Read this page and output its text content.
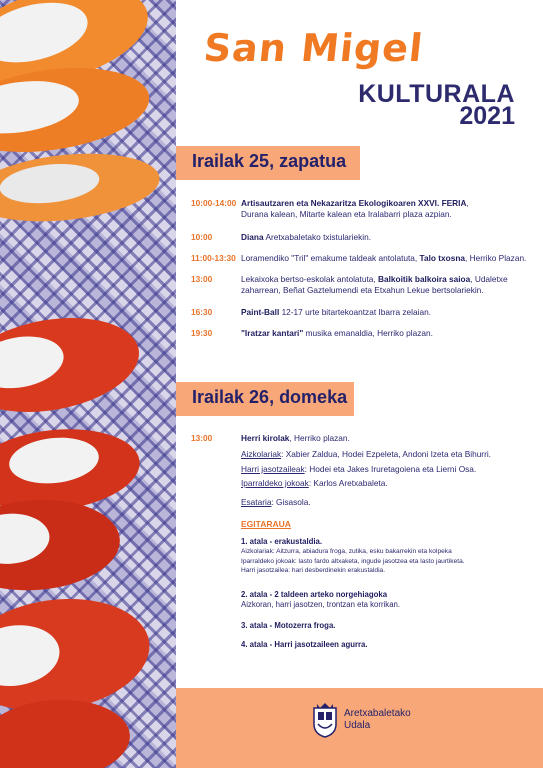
San Migel
KULTURALA
2021
Irailak 25, zapatua
10:00-14:00 Artisautzaren eta Nekazaritza Ekologikoaren XXVI. FERIA,
Durana kalean, Mitarte kalean eta Iralabarri plaza azpian.
10:00	Diana Aretxabaletako txistulariekin.
11:00-13:30 Loramendiko "Tril" emakume taldeak antolatuta, Talo txosna, Herriko Plazan.
13:00	Lekaixoka bertso-eskolak antolatuta, Balkoitik balkoira saioa, Udaletxe
zaharrean, Beñat Gaztelumendi eta Etxahun Lekue bertsolariekin.
16:30	Paint-Ball 12-17 urte bitartekoantzat Ibarra zelaian.
19:30	"Iratzar kantari" musika emanaldia, Herriko plazan.
Irailak 26, domeka
13:00	Herri kirolak, Herriko plazan.
Aizkolariak: Xabier Zaldua, Hodei Ezpeleta, Andoni Izeta eta Bihurri.
Harri jasotzaileak: Hodei eta Jakes Iruretagoiena eta Lierni Osa.
Iparraldeko jokoak: Karlos Aretxabaleta.
Esataria: Gisasola.
EGITARAUA
1. atala - erakustaldia.
Aizkolariak: Aitzurra, abiadura froga, zutika, esku bakarrekin eta kolpeka
Iparraldeko jokoak: lasto fardo altxaketa, ingude jasotzea eta lasto jaurtiketa.
Harri jasotzailea: hari desberdinekin erakustaldia.
2. atala - 2 taldeen arteko norgehiagoka
Aizkoran, harri jasotzen, trontzan eta korrikan.
3. atala - Motozerra froga.
4. atala - Harri jasotzaileen agurra.
Aretxabaletako
Udala
